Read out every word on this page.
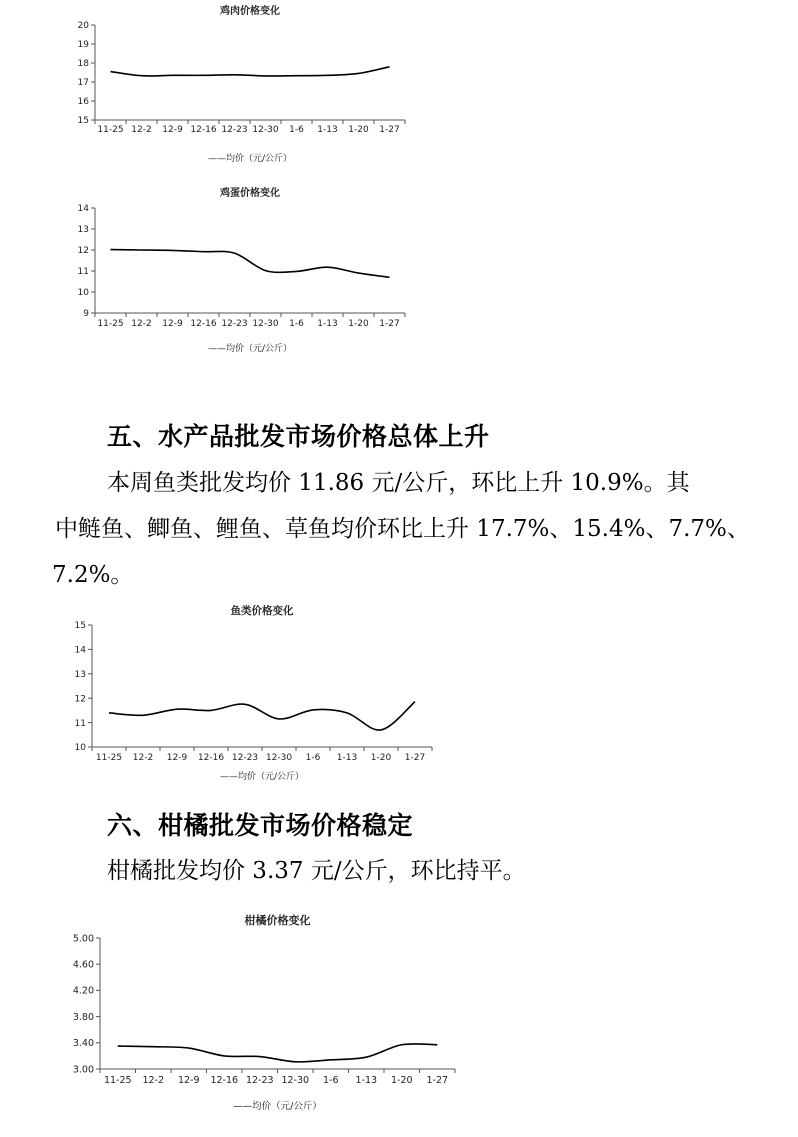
鸡肉价格变化
15
16
17
18
19
20
11-25 12-2 12-9 12-16 12-23 12-30 1-6 1-13 1-20 1-27
——均价（元/公斤）
鸡蛋价格变化
9
10
11
12
13
14
11-25 12-2 12-9 12-16 12-23 12-30 1-6 1-13 1-20 1-27
——均价（元/公斤）
五、水产品批发市场价格总体上升

本周鱼类批发均价 11.86 元/公斤，环比上升 10.9%。其

中鲢鱼、鲫鱼、鲤鱼、草鱼均价环比上升 17.7%、15.4%、7.7%、

7.2%。

鱼类价格变化
10
11
12
13
14
15
11-25 12-2 12-9 12-16 12-23 12-30 1-6 1-13 1-20 1-27
——均价（元/公斤）
六、柑橘批发市场价格稳定

柑橘批发均价 3.37 元/公斤，环比持平。

柑橘价格变化
3.00
3.40
3.80
4.20
4.60
5.00
11-25 12-2 12-9 12-16 12-23 12-30 1-6 1-13 1-20 1-27
——均价（元/公斤）
